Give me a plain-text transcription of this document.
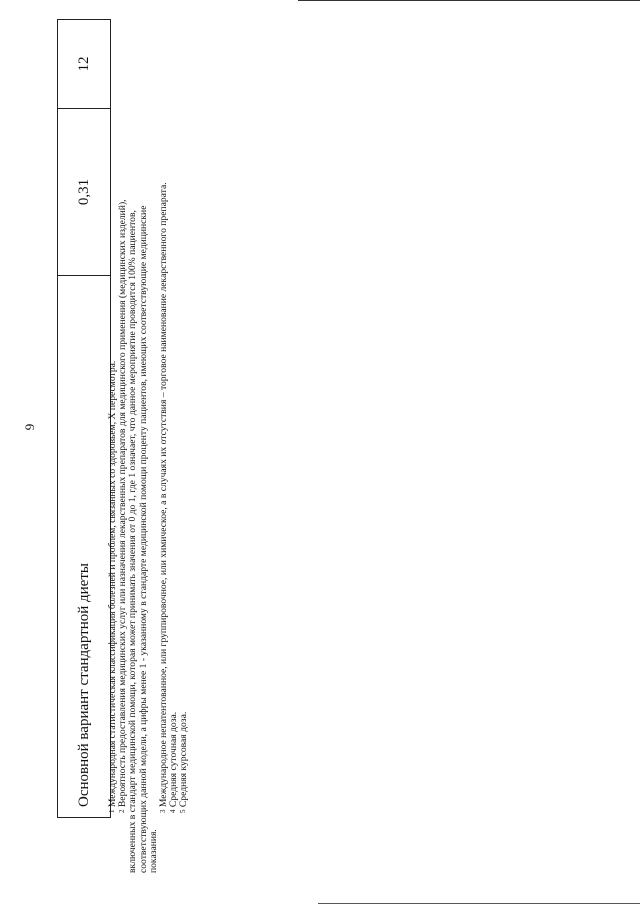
9
Основной вариант стандартной диеты	0,31	12

$^1$ Международная статистическая классификация болезней и проблем, связанных со здоровьем, X пересмотра.

$^2$ Вероятность предоставления медицинских услуг или назначения лекарственных препаратов для медицинского применения (медицинских изделий), включенных в стандарт медицинской помощи, которая может принимать значения от 0 до 1, где 1 означает, что данное мероприятие проводится 100% пациентов, соответствующих данной модели, а цифры менее 1 - указанному в стандарте медицинской помощи проценту пациентов, имеющих соответствующие медицинские показания.

$^3$ Международное непатентованное, или группировочное, или химическое, а в случаях их отсутствия – торговое наименование лекарственного препарата.

$^4$ Средняя суточная доза.

$^5$ Средняя курсовая доза.
